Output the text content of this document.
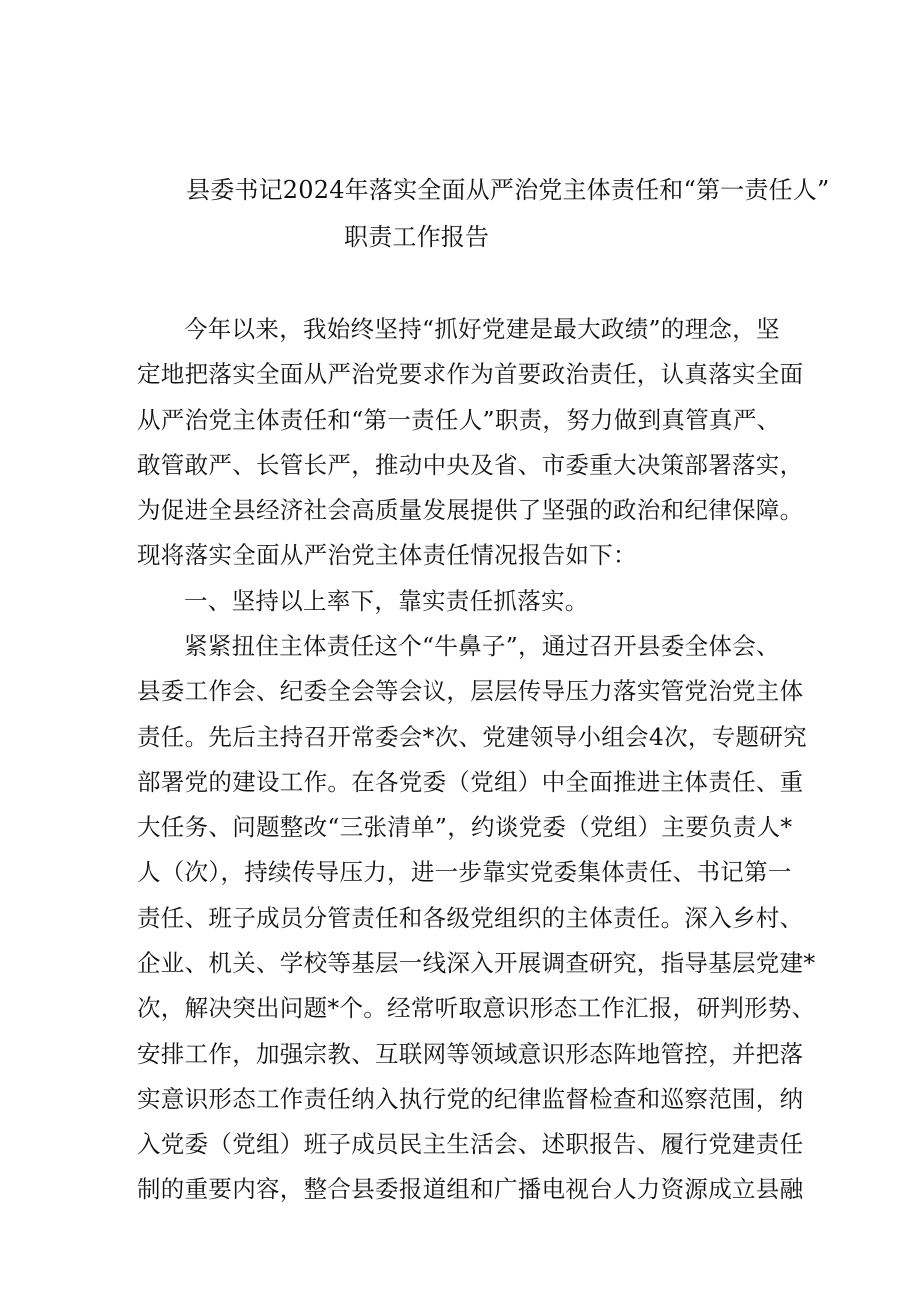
县委书记2024年落实全面从严治党主体责任和“第一责任人”
职责工作报告
今年以来，我始终坚持“抓好党建是最大政绩”的理念，坚
定地把落实全面从严治党要求作为首要政治责任，认真落实全面
从严治党主体责任和“第一责任人”职责，努力做到真管真严、
敢管敢严、长管长严，推动中央及省、市委重大决策部署落实，
为促进全县经济社会高质量发展提供了坚强的政治和纪律保障。
现将落实全面从严治党主体责任情况报告如下：
一、坚持以上率下，靠实责任抓落实。
紧紧扭住主体责任这个“牛鼻子”，通过召开县委全体会、
县委工作会、纪委全会等会议，层层传导压力落实管党治党主体
责任。先后主持召开常委会*次、党建领导小组会4次，专题研究
部署党的建设工作。在各党委（党组）中全面推进主体责任、重
大任务、问题整改“三张清单”，约谈党委（党组）主要负责人*
人（次），持续传导压力，进一步靠实党委集体责任、书记第一
责任、班子成员分管责任和各级党组织的主体责任。深入乡村、
企业、机关、学校等基层一线深入开展调查研究，指导基层党建*
次，解决突出问题*个。经常听取意识形态工作汇报，研判形势、
安排工作，加强宗教、互联网等领域意识形态阵地管控，并把落
实意识形态工作责任纳入执行党的纪律监督检查和巡察范围，纳
入党委（党组）班子成员民主生活会、述职报告、履行党建责任
制的重要内容，整合县委报道组和广播电视台人力资源成立县融
